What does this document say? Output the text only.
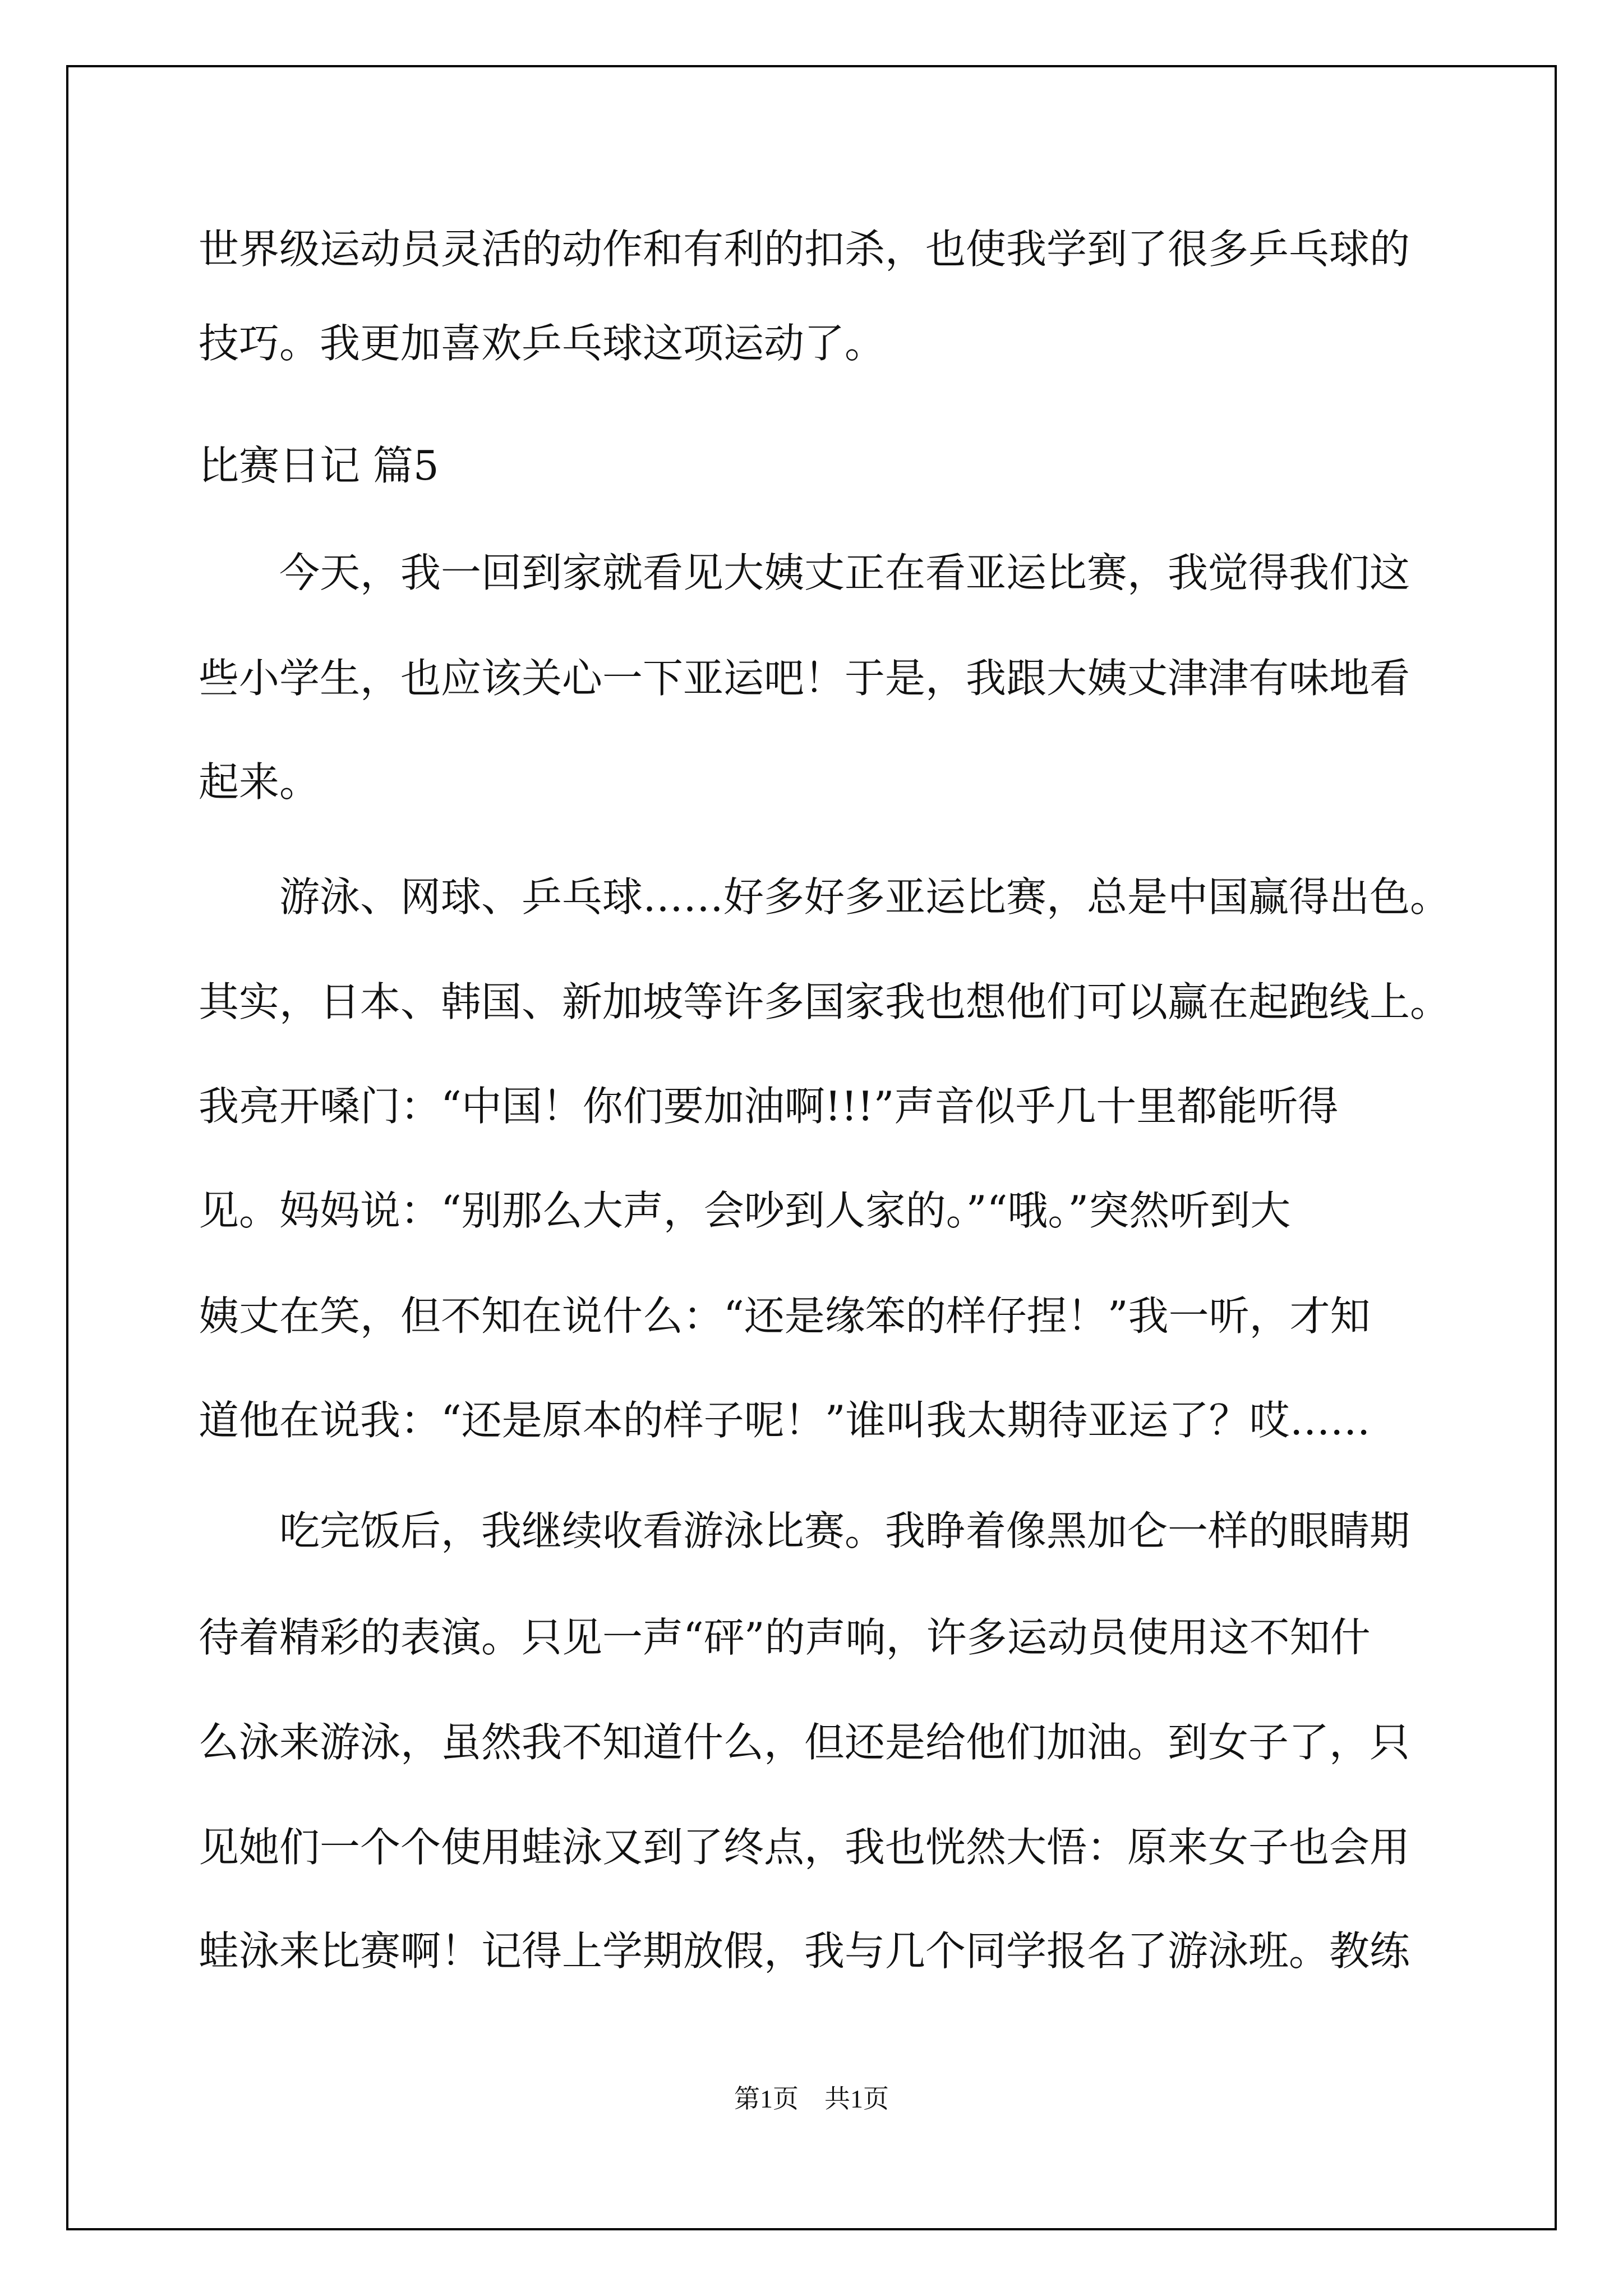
世界级运动员灵活的动作和有利的扣杀，也使我学到了很多乒乓球的
技巧。我更加喜欢乒乓球这项运动了。
比赛日记 篇5
　　今天，我一回到家就看见大姨丈正在看亚运比赛，我觉得我们这
些小学生，也应该关心一下亚运吧！于是，我跟大姨丈津津有味地看
起来。
　　游泳、网球、乒乓球……好多好多亚运比赛，总是中国赢得出色。
其实，日本、韩国、新加坡等许多国家我也想他们可以赢在起跑线上。
我亮开嗓门：“中国！你们要加油啊!!!”声音似乎几十里都能听得
见。妈妈说：“别那么大声，会吵到人家的。”“哦。”突然听到大
姨丈在笑，但不知在说什么：“还是缘笨的样仔捏！”我一听，才知
道他在说我：“还是原本的样子呢！”谁叫我太期待亚运了？哎……
　　吃完饭后，我继续收看游泳比赛。我睁着像黑加仑一样的眼睛期
待着精彩的表演。只见一声“砰”的声响，许多运动员使用这不知什
么泳来游泳，虽然我不知道什么，但还是给他们加油。到女子了，只
见她们一个个使用蛙泳又到了终点，我也恍然大悟：原来女子也会用
蛙泳来比赛啊！记得上学期放假，我与几个同学报名了游泳班。教练
第1页　共1页
